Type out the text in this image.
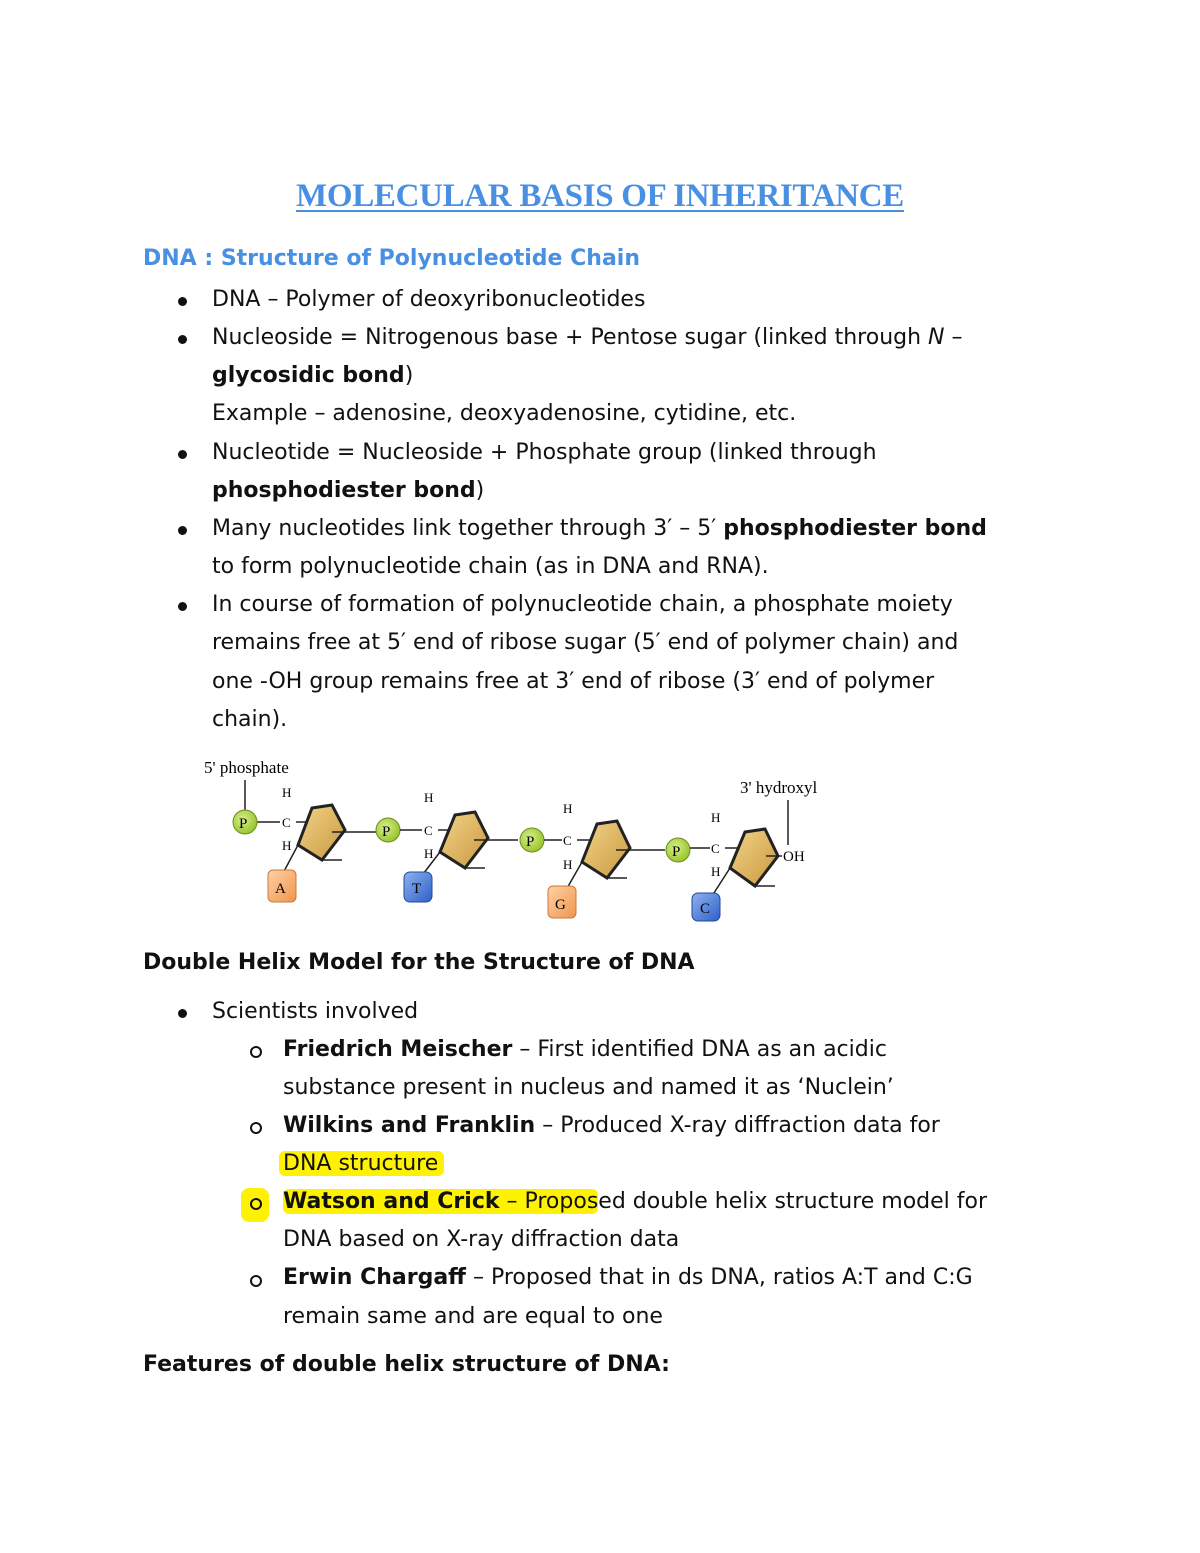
MOLECULAR BASIS OF INHERITANCE
DNA : Structure of Polynucleotide Chain
DNA – Polymer of deoxyribonucleotides
Nucleoside = Nitrogenous base + Pentose sugar (linked through N –
glycosidic bond)
Example – adenosine, deoxyadenosine, cytidine, etc.
Nucleotide = Nucleoside + Phosphate group (linked through
phosphodiester bond)
Many nucleotides link together through 3′ – 5′ phosphodiester bond
to form polynucleotide chain (as in DNA and RNA).
In course of formation of polynucleotide chain, a phosphate moiety
remains free at 5′ end of ribose sugar (5′ end of polymer chain) and
one -OH group remains free at 3′ end of ribose (3′ end of polymer
chain).
5' phosphate
3' hydroxyl
P
H
C
H
A
P
H
C
H
T
P
H
C
H
G
P
H
C
H
OH
C
Double Helix Model for the Structure of DNA
Scientists involved
Friedrich Meischer – First identified DNA as an acidic
substance present in nucleus and named it as ‘Nuclein’
Wilkins and Franklin – Produced X-ray diffraction data for
DNA structure
Watson and Crick – Proposed double helix structure model for
DNA based on X-ray diffraction data
Erwin Chargaff – Proposed that in ds DNA, ratios A:T and C:G
remain same and are equal to one
Features of double helix structure of DNA:
